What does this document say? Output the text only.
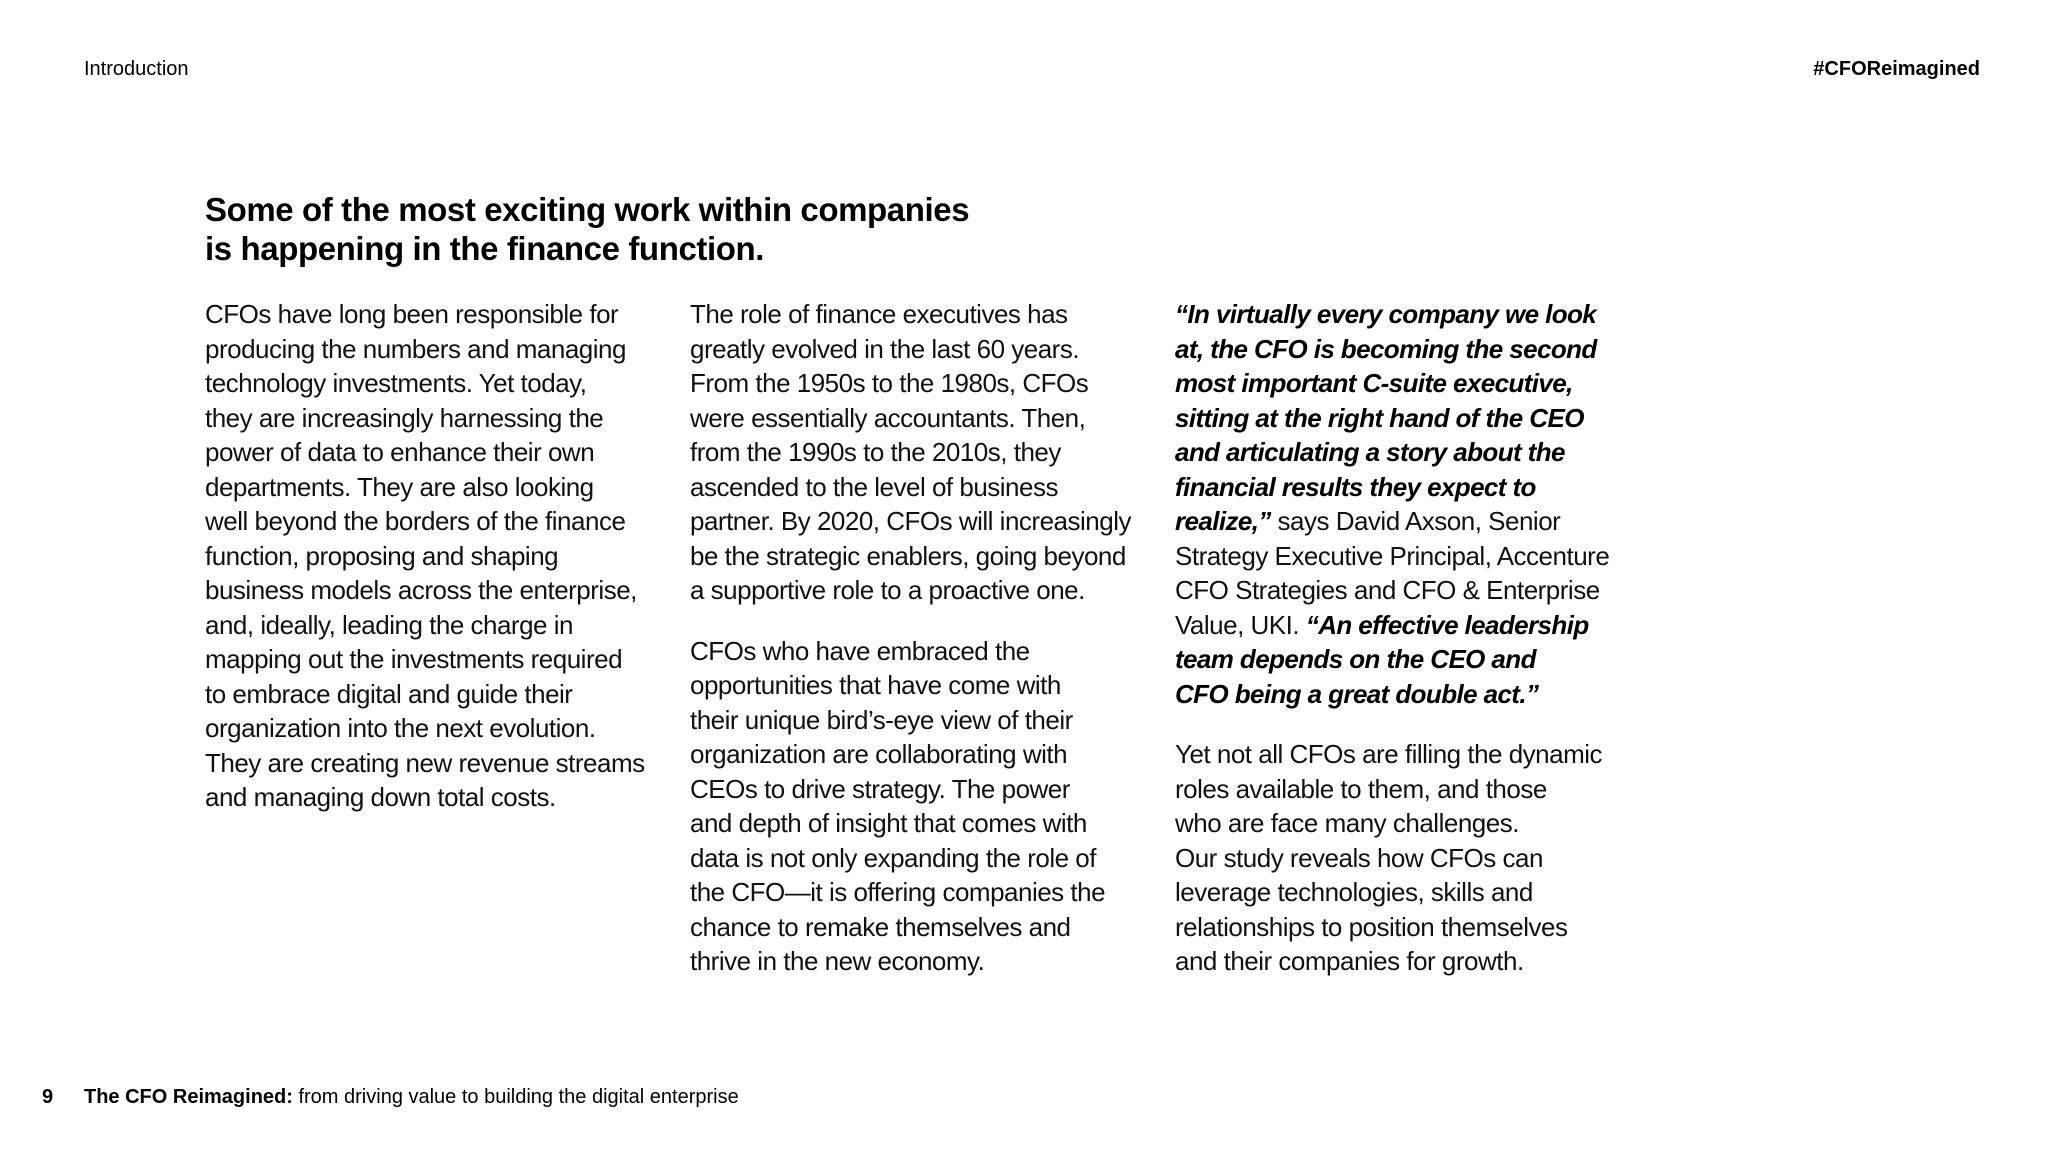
Introduction	#CFOReimagined
Some of the most exciting work within companies
is happening in the finance function.

CFOs have long been responsible for
producing the numbers and managing
technology investments. Yet today,
they are increasingly harnessing the
power of data to enhance their own
departments. They are also looking
well beyond the borders of the finance
function, proposing and shaping
business models across the enterprise,
and, ideally, leading the charge in
mapping out the investments required
to embrace digital and guide their
organization into the next evolution.
They are creating new revenue streams
and managing down total costs.

The role of finance executives has
greatly evolved in the last 60 years.
From the 1950s to the 1980s, CFOs
were essentially accountants. Then,
from the 1990s to the 2010s, they
ascended to the level of business
partner. By 2020, CFOs will increasingly
be the strategic enablers, going beyond
a supportive role to a proactive one.

CFOs who have embraced the
opportunities that have come with
their unique bird’s-eye view of their
organization are collaborating with
CEOs to drive strategy. The power
and depth of insight that comes with
data is not only expanding the role of
the CFO—it is offering companies the
chance to remake themselves and
thrive in the new economy.

“In virtually every company we look
at, the CFO is becoming the second
most important C-suite executive,
sitting at the right hand of the CEO
and articulating a story about the
financial results they expect to
realize,” says David Axson, Senior
Strategy Executive Principal, Accenture
CFO Strategies and CFO & Enterprise
Value, UKI. “An effective leadership
team depends on the CEO and
CFO being a great double act.”

Yet not all CFOs are filling the dynamic
roles available to them, and those
who are face many challenges.
Our study reveals how CFOs can
leverage technologies, skills and
relationships to position themselves
and their companies for growth.

9 The CFO Reimagined: from driving value to building the digital enterprise
